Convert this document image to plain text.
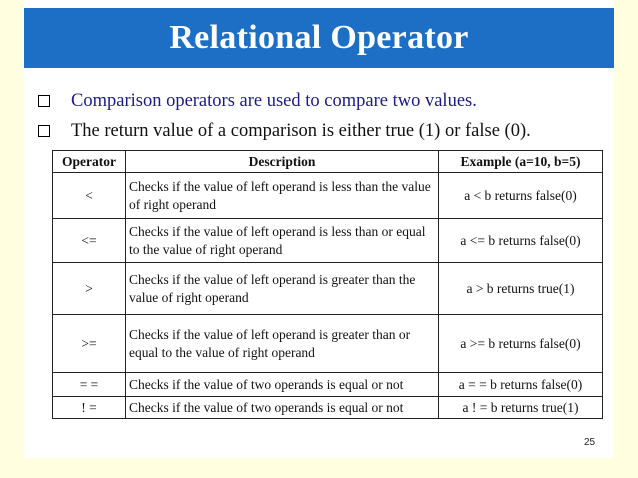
Relational Operator
Comparison operators are used to compare two values.
The return value of a comparison is either true (1) or false (0).
Operator	Description	Example (a=10, b=5)
<	Checks if the value of left operand is less than the value of right operand	a < b returns false(0)
<=	Checks if the value of left operand is less than or equal to the value of right operand	a <= b returns false(0)
>	Checks if the value of left operand is greater than the value of right operand	a > b returns true(1)
>=	Checks if the value of left operand is greater than or equal to the value of right operand	a >= b returns false(0)
= =	Checks if the value of two operands is equal or not	a = = b returns false(0)
! =	Checks if the value of two operands is equal or not	a ! = b returns true(1)
25
